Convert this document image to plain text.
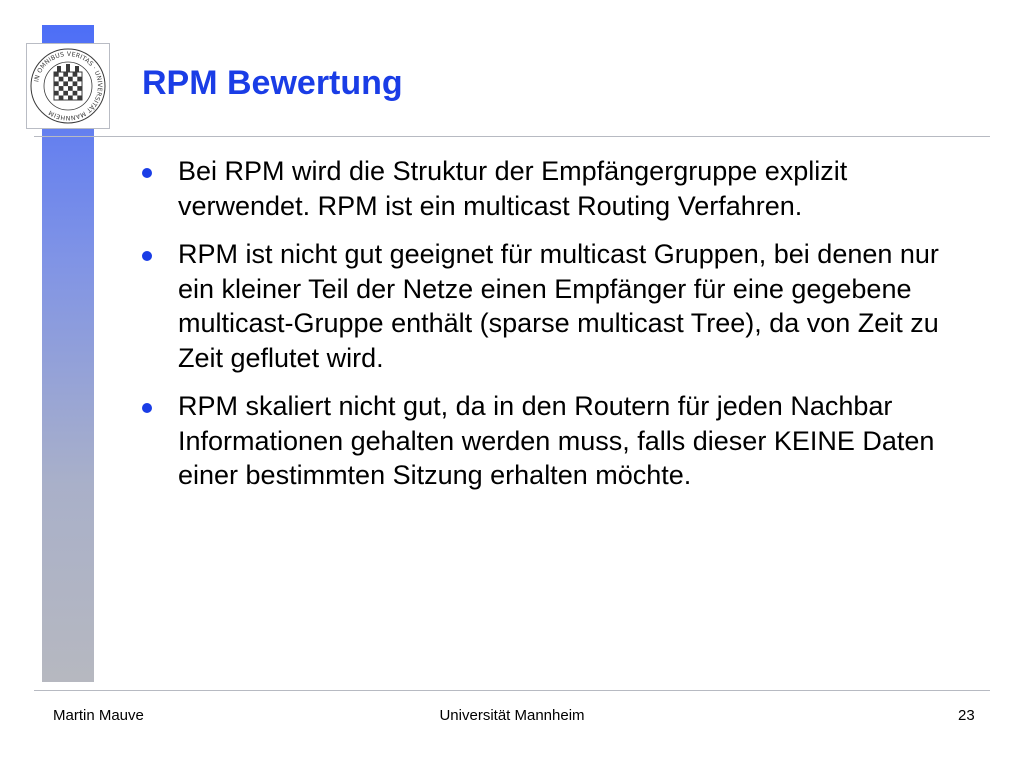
IN OMNIBUS VERITAS · UNIVERSITÄT MANNHEIM
RPM Bewertung
Bei RPM wird die Struktur der Empfängergruppe explizit verwendet. RPM ist ein multicast Routing Verfahren.
RPM ist nicht gut geeignet für multicast Gruppen, bei denen nur ein kleiner Teil der Netze einen Empfänger für eine gegebene multicast-Gruppe enthält (sparse multicast Tree), da von Zeit zu Zeit geflutet wird.
RPM skaliert nicht gut, da in den Routern für jeden Nachbar Informationen gehalten werden muss, falls dieser KEINE Daten einer bestimmten Sitzung erhalten möchte.
Martin Mauve	Universität Mannheim	23
